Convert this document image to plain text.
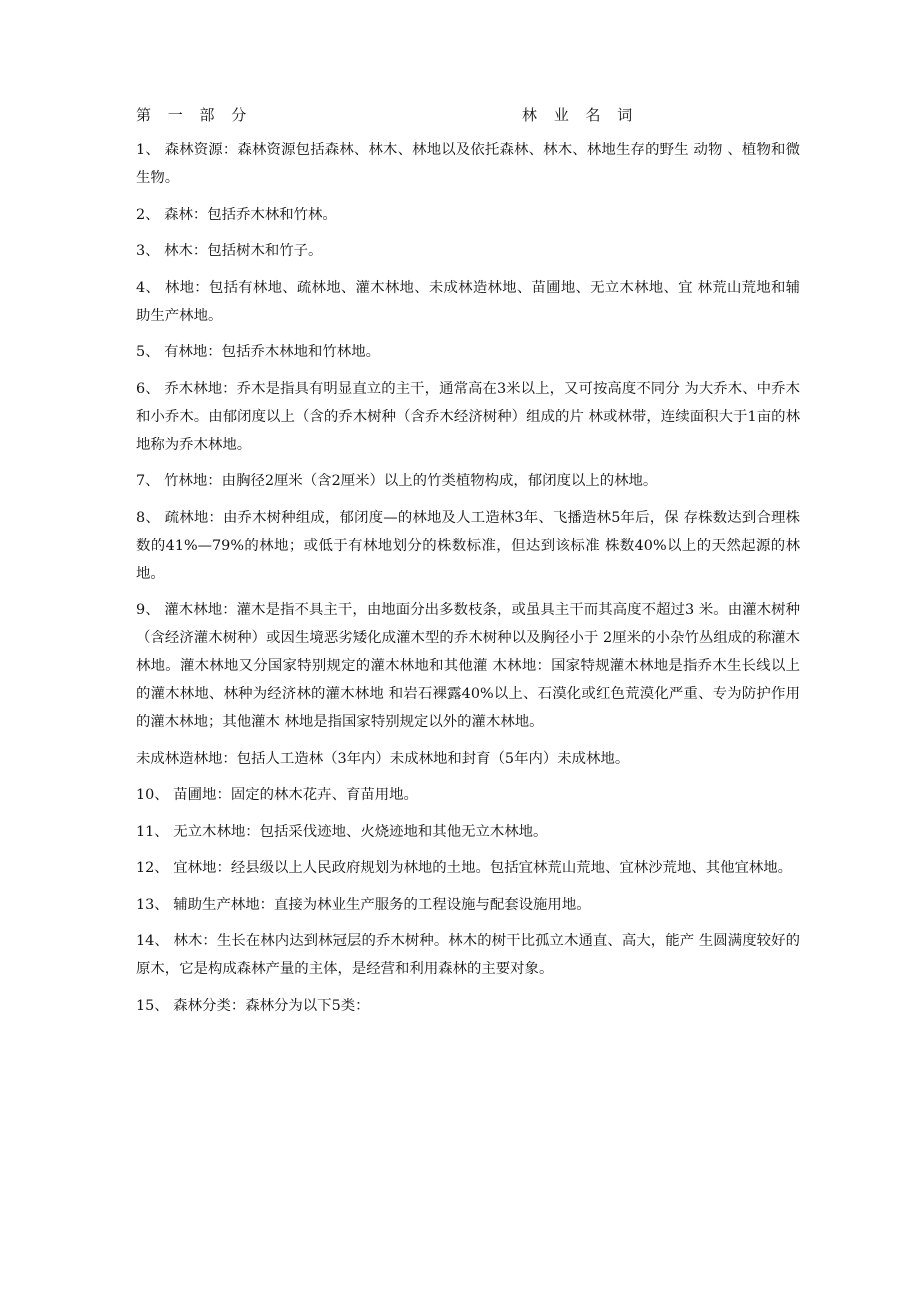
第 一 部 分	林 业 名 词

1、 森林资源：森林资源包括森林、林木、林地以及依托森林、林木、林地生存的野生 动物 、植物和微生物。

2、 森林：包括乔木林和竹林。

3、 林木：包括树木和竹子。

4、 林地：包括有林地、疏林地、灌木林地、未成林造林地、苗圃地、无立木林地、宜 林荒山荒地和辅助生产林地。

5、 有林地：包括乔木林地和竹林地。

6、 乔木林地：乔木是指具有明显直立的主干，通常高在3米以上，又可按高度不同分 为大乔木、中乔木和小乔木。由郁闭度以上（含的乔木树种（含乔木经济树种）组成的片 林或林带，连续面积大于1亩的林地称为乔木林地。

7、 竹林地：由胸径2厘米（含2厘米）以上的竹类植物构成，郁闭度以上的林地。

8、 疏林地：由乔木树种组成，郁闭度—的林地及人工造林3年、飞播造林5年后，保 存株数达到合理株数的41%—79%的林地；或低于有林地划分的株数标准，但达到该标准 株数40%以上的天然起源的林地。

9、 灌木林地：灌木是指不具主干，由地面分出多数枝条，或虽具主干而其高度不超过3 米。由灌木树种（含经济灌木树种）或因生境恶劣矮化成灌木型的乔木树种以及胸径小于 2厘米的小杂竹丛组成的称灌木林地。灌木林地又分国家特别规定的灌木林地和其他灌 木林地：国家特规灌木林地是指乔木生长线以上的灌木林地、林种为经济林的灌木林地 和岩石裸露40%以上、石漠化或红色荒漠化严重、专为防护作用的灌木林地；其他灌木 林地是指国家特别规定以外的灌木林地。

未成林造林地：包括人工造林（3年内）未成林地和封育（5年内）未成林地。

10、 苗圃地：固定的林木花卉、育苗用地。

11、 无立木林地：包括采伐迹地、火烧迹地和其他无立木林地。

12、 宜林地：经县级以上人民政府规划为林地的土地。包括宜林荒山荒地、宜林沙荒地、其他宜林地。

13、 辅助生产林地：直接为林业生产服务的工程设施与配套设施用地。

14、 林木：生长在林内达到林冠层的乔木树种。林木的树干比孤立木通直、高大，能产 生圆满度较好的原木，它是构成森林产量的主体，是经营和利用森林的主要对象。

15、 森林分类：森林分为以下5类：
